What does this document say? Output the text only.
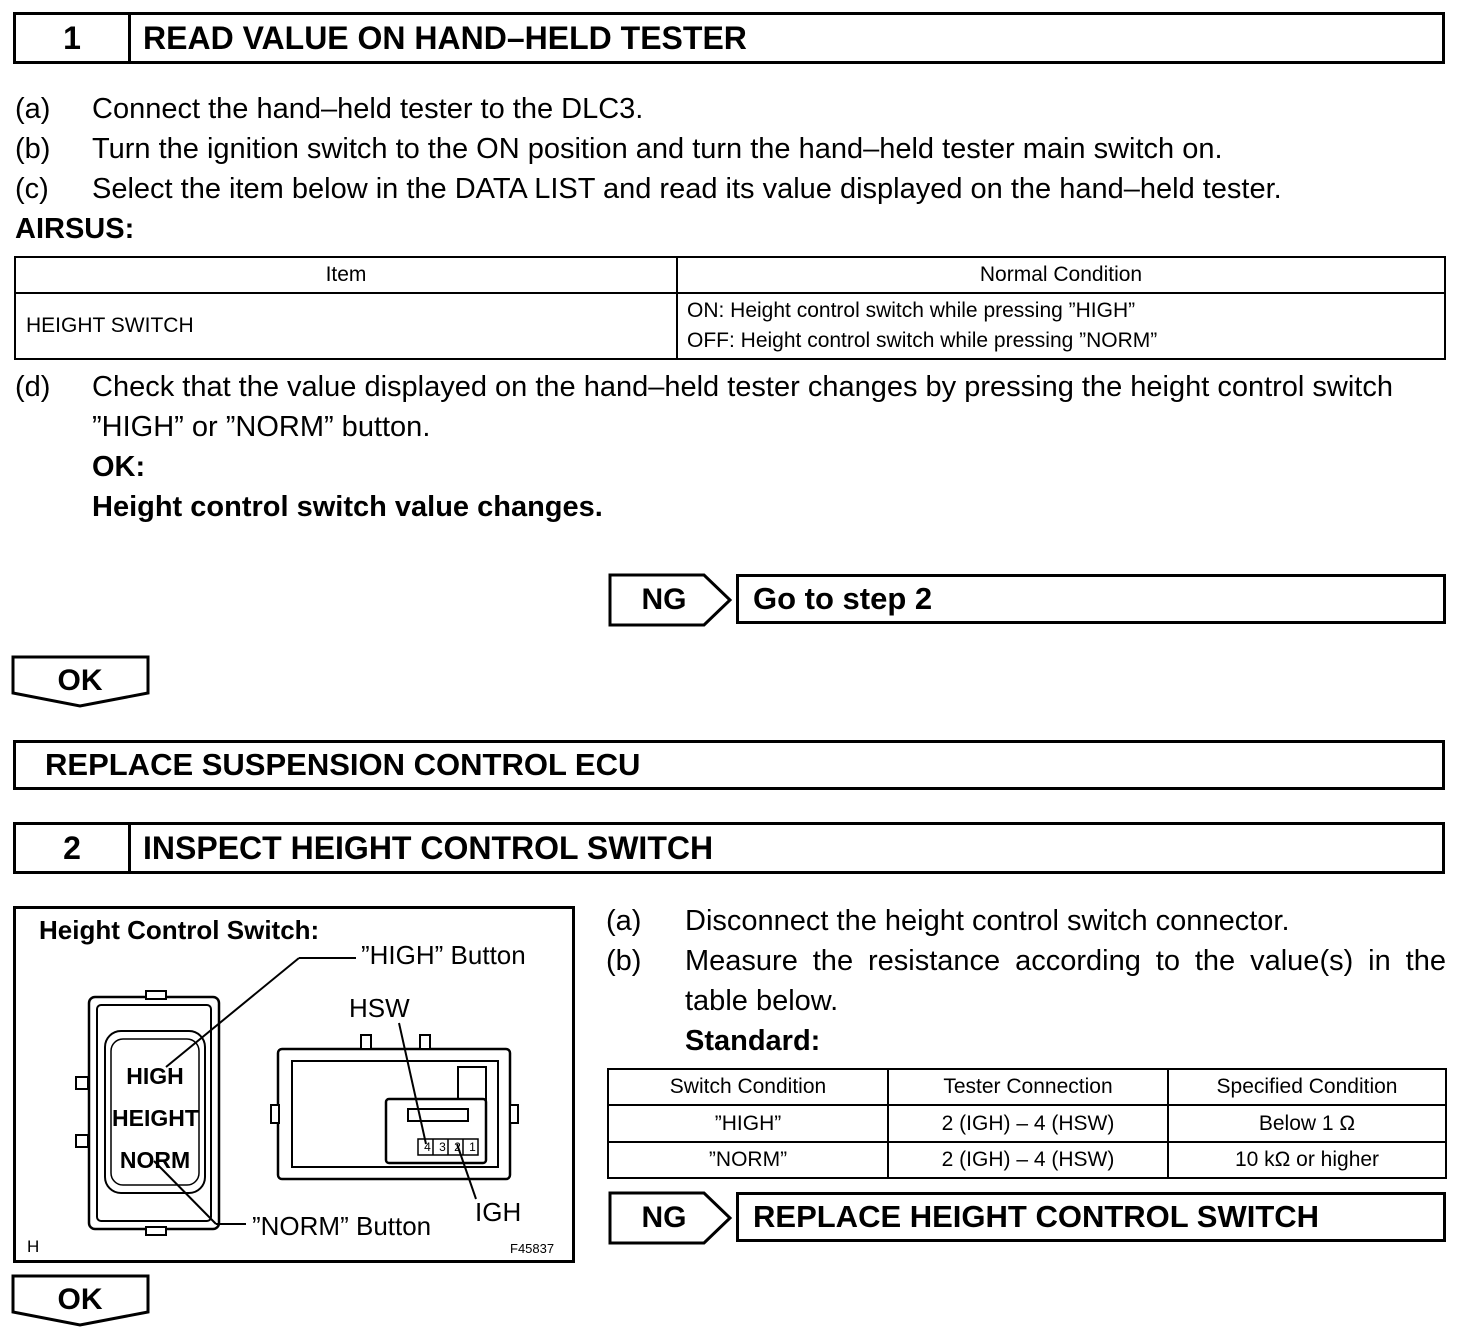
1	READ VALUE ON HAND–HELD TESTER
(a) Connect the hand–held tester to the DLC3.
(b) Turn the ignition switch to the ON position and turn the hand–held tester main switch on.
(c) Select the item below in the DATA LIST and read its value displayed on the hand–held tester.
AIRSUS:
Item	Normal Condition
HEIGHT SWITCH	ON: Height control switch while pressing ”HIGH”
OFF: Height control switch while pressing ”NORM”
(d) Check that the value displayed on the hand–held tester changes by pressing the height control switch
”HIGH” or ”NORM” button.
OK:
Height control switch value changes.
NG	Go to step 2
OK
REPLACE SUSPENSION CONTROL ECU
2	INSPECT HEIGHT CONTROL SWITCH
Height Control Switch:
”HIGH” Button
HIGH
HEIGHT
NORM
HSW
IGH
4 3 2 1
”NORM” Button
H	F45837
(a) Disconnect the height control switch connector.
(b) Measure the resistance according to the value(s) in the
table below.
Standard:
Switch Condition	Tester Connection	Specified Condition
”HIGH”	2 (IGH) – 4 (HSW)	Below 1 Ω
”NORM”	2 (IGH) – 4 (HSW)	10 kΩ or higher
NG	REPLACE HEIGHT CONTROL SWITCH
OK
